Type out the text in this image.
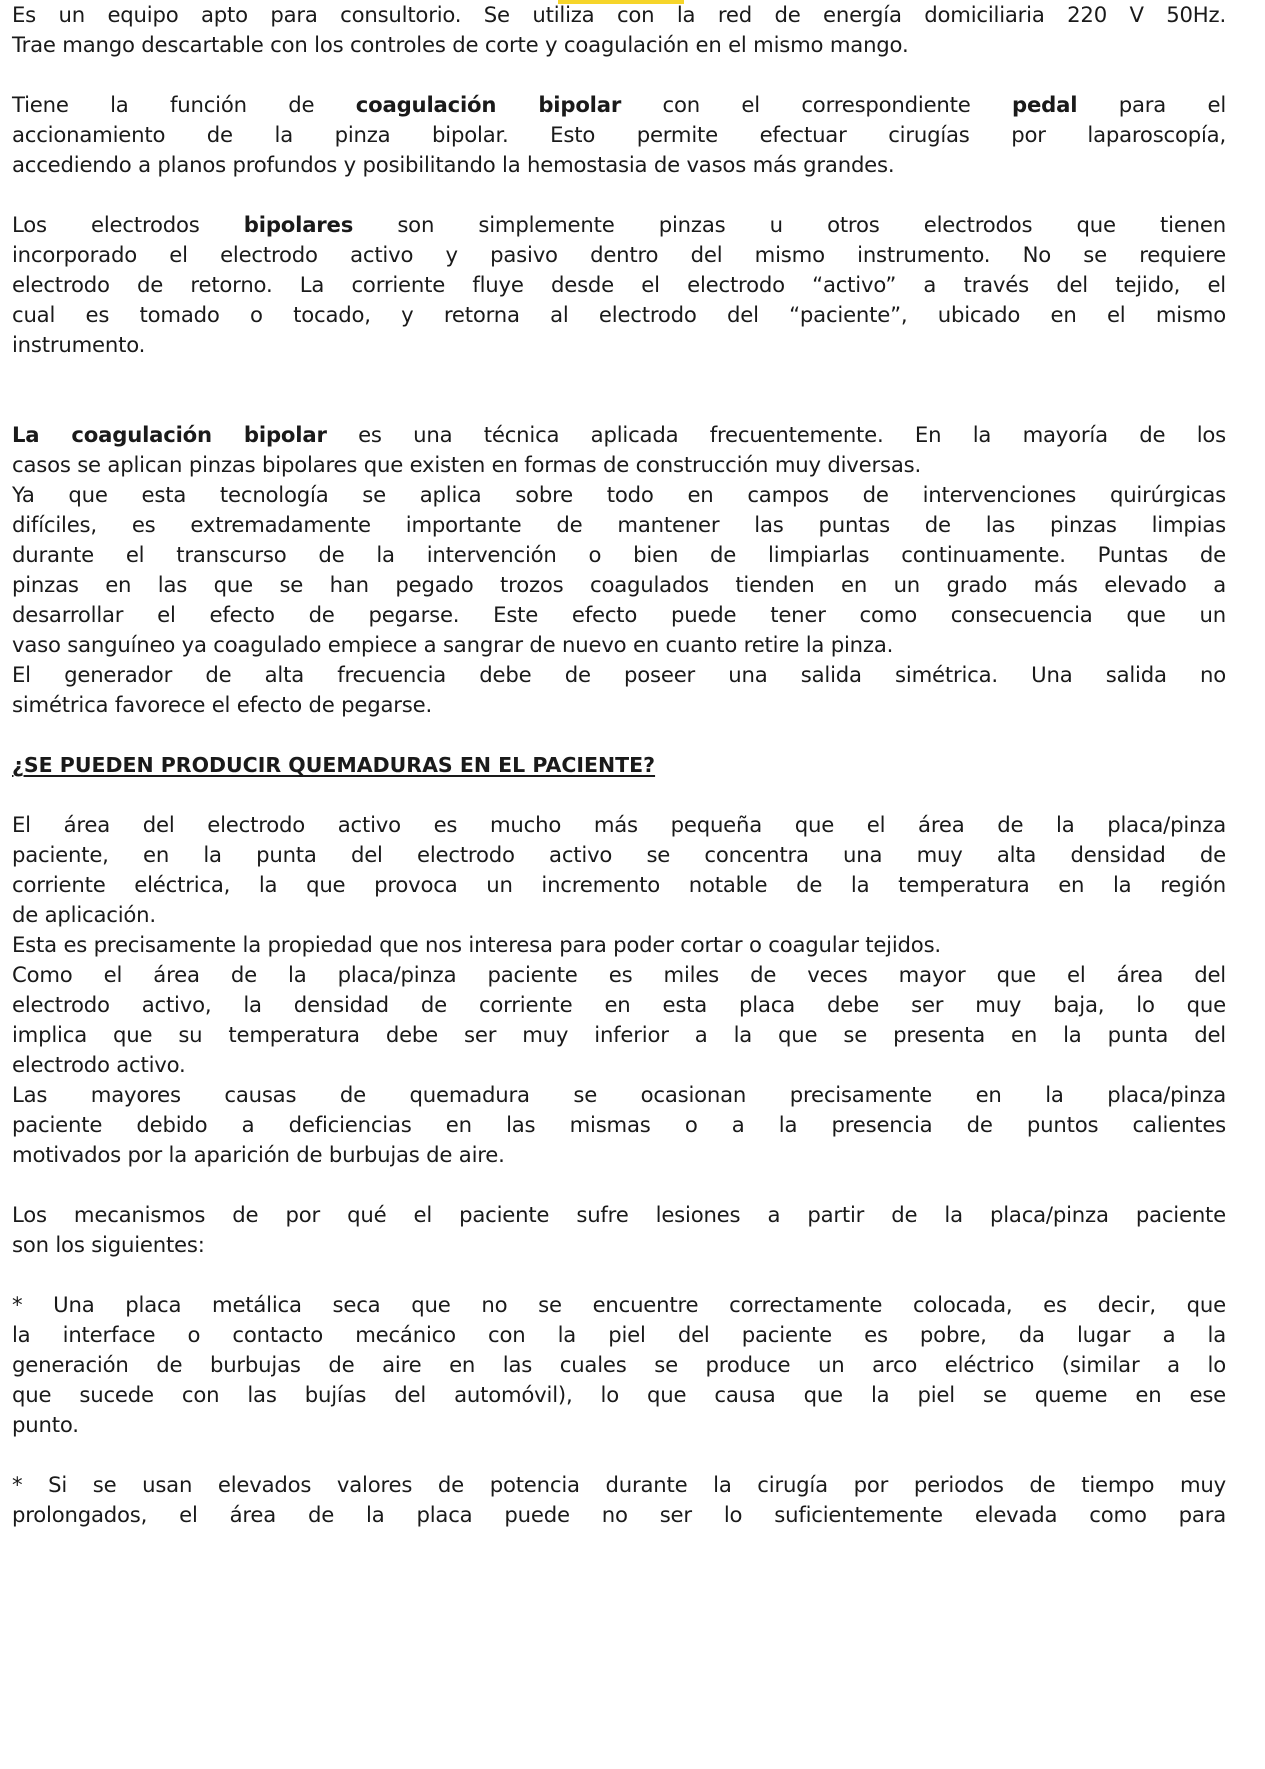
Es un equipo apto para consultorio. Se utiliza con la red de energía domiciliaria 220 V 50Hz.
Trae mango descartable con los controles de corte y coagulación en el mismo mango.

Tiene la función de coagulación bipolar con el correspondiente pedal para el
accionamiento de la pinza bipolar. Esto permite efectuar cirugías por laparoscopía,
accediendo a planos profundos y posibilitando la hemostasia de vasos más grandes.

Los electrodos bipolares son simplemente pinzas u otros electrodos que tienen
incorporado el electrodo activo y pasivo dentro del mismo instrumento. No se requiere
electrodo de retorno. La corriente fluye desde el electrodo “activo” a través del tejido, el
cual es tomado o tocado, y retorna al electrodo del “paciente”, ubicado en el mismo
instrumento.

La coagulación bipolar es una técnica aplicada frecuentemente. En la mayoría de los
casos se aplican pinzas bipolares que existen en formas de construcción muy diversas.
Ya que esta tecnología se aplica sobre todo en campos de intervenciones quirúrgicas
difíciles, es extremadamente importante de mantener las puntas de las pinzas limpias
durante el transcurso de la intervención o bien de limpiarlas continuamente. Puntas de
pinzas en las que se han pegado trozos coagulados tienden en un grado más elevado a
desarrollar el efecto de pegarse. Este efecto puede tener como consecuencia que un
vaso sanguíneo ya coagulado empiece a sangrar de nuevo en cuanto retire la pinza.
El generador de alta frecuencia debe de poseer una salida simétrica. Una salida no
simétrica favorece el efecto de pegarse.

¿SE PUEDEN PRODUCIR QUEMADURAS EN EL PACIENTE?

El área del electrodo activo es mucho más pequeña que el área de la placa/pinza
paciente, en la punta del electrodo activo se concentra una muy alta densidad de
corriente eléctrica, la que provoca un incremento notable de la temperatura en la región
de aplicación.
Esta es precisamente la propiedad que nos interesa para poder cortar o coagular tejidos.
Como el área de la placa/pinza paciente es miles de veces mayor que el área del
electrodo activo, la densidad de corriente en esta placa debe ser muy baja, lo que
implica que su temperatura debe ser muy inferior a la que se presenta en la punta del
electrodo activo.
Las mayores causas de quemadura se ocasionan precisamente en la placa/pinza
paciente debido a deficiencias en las mismas o a la presencia de puntos calientes
motivados por la aparición de burbujas de aire.

Los mecanismos de por qué el paciente sufre lesiones a partir de la placa/pinza paciente
son los siguientes:

* Una placa metálica seca que no se encuentre correctamente colocada, es decir, que
la interface o contacto mecánico con la piel del paciente es pobre, da lugar a la
generación de burbujas de aire en las cuales se produce un arco eléctrico (similar a lo
que sucede con las bujías del automóvil), lo que causa que la piel se queme en ese
punto.

* Si se usan elevados valores de potencia durante la cirugía por periodos de tiempo muy
prolongados, el área de la placa puede no ser lo suficientemente elevada como para
